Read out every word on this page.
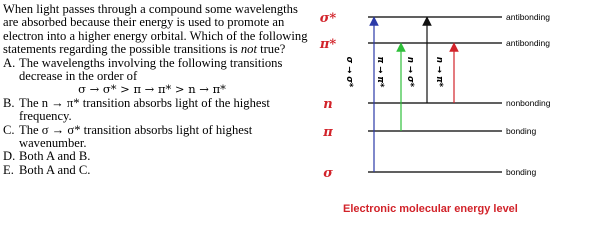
When light passes through a compound some wavelengths are absorbed because their energy is used to promote an electron into a higher energy orbital. Which of the following statements regarding the possible transitions is not true?

A. The wavelengths involving the following transitions decrease in the order of
σ → σ* > π → π* > n → π*
B. The n → π* transition absorbs light of the highest frequency.
C. The σ → σ* transition absorbs light of highest wavenumber.
D. Both A and B.
E. Both A and C.
σ*	antibonding
π*	antibonding
n	nonbonding
π	bonding
σ	bonding
σ → σ* π → π* n → σ* n → π*

Electronic molecular energy level
